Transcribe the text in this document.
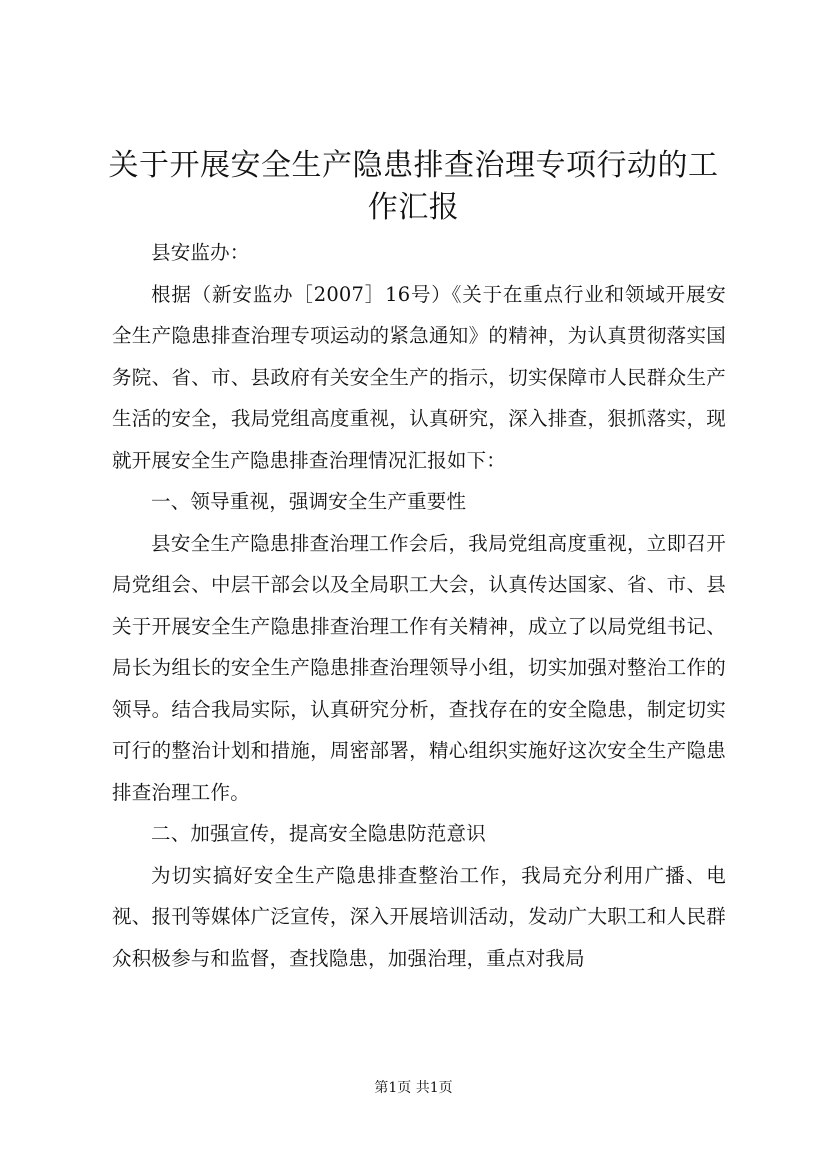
关于开展安全生产隐患排查治理专项行动的工作汇报

县安监办：

根据（新安监办［2007］16号）《关于在重点行业和领域开展安全生产隐患排查治理专项运动的紧急通知》的精神，为认真贯彻落实国务院、省、市、县政府有关安全生产的指示，切实保障市人民群众生产生活的安全，我局党组高度重视，认真研究，深入排查，狠抓落实，现就开展安全生产隐患排查治理情况汇报如下：

一、领导重视，强调安全生产重要性

县安全生产隐患排查治理工作会后，我局党组高度重视，立即召开局党组会、中层干部会以及全局职工大会，认真传达国家、省、市、县关于开展安全生产隐患排查治理工作有关精神，成立了以局党组书记、局长为组长的安全生产隐患排查治理领导小组，切实加强对整治工作的领导。结合我局实际，认真研究分析，查找存在的安全隐患，制定切实可行的整治计划和措施，周密部署，精心组织实施好这次安全生产隐患排查治理工作。

二、加强宣传，提高安全隐患防范意识

为切实搞好安全生产隐患排查整治工作，我局充分利用广播、电视、报刊等媒体广泛宣传，深入开展培训活动，发动广大职工和人民群众积极参与和监督，查找隐患，加强治理，重点对我局

第1页 共1页
